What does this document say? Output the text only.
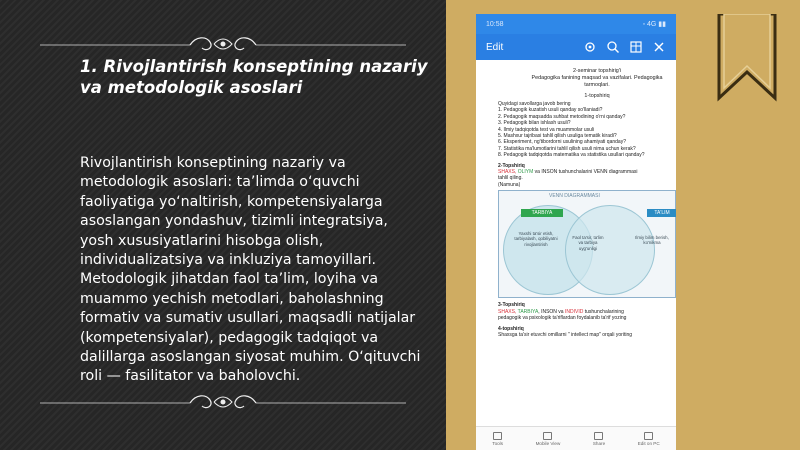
1. Rivojlantirish konseptining nazariy va metodologik asoslari
Rivojlantirish konseptining nazariy va metodologik asoslari: ta’limda o‘quvchi faoliyatiga yo‘naltirish, kompetensiyalarga asoslangan yondashuv, tizimli integratsiya, yosh xususiyatlarini hisobga olish, individualizatsiya va inkluziya tamoyillari. Metodologik jihatdan faol ta’lim, loyiha va muammo yechish metodlari, baholashning formativ va sumativ usullari, maqsadli natijalar (kompetensiyalar), pedagogik tadqiqot va dalillarga asoslangan siyosat muhim. O‘qituvchi roli — fasilitator va baholovchi.
10:58	◦ 4G ▮▮
Edit
2-seminar topshirig'i
Pedagogika fanining maqsad va vazifalari. Pedagogika
tarmoqlari.
1-topshiriq
Quyidagi savollarga javob bering
1. Pedagogik kuzatish usuli qanday so'llaniadi?
2. Pedagogik maqsadda suhbat metodining o'rni qanday?
3. Pedagogik bilan ishlash usuli?
4. Ilmiy tadqiqotda test va muammolar usuli
5. Mashxur tajribasi tahlil qilish usuliga tematik kiradi?
6. Eksperiment, ng'tibordorni usulining ahamiyati qanday?
7. Statistika ma'lumotlarini tahlil qilish usuli nima uchun kerak?
8. Pedagogik tadqiqotda matematika va statistika usullari qanday?
2-Topshiriq
SHAXS, OLIYM va INSON tushunchalarini VENN diagrammasi
tahlil qiling.
(Namuna)
VENN DIAGRAMMASI
TARBIYA	TA'LIM
Yaxshi ta'sir etish, tarbiyalash, qobiliyatni rivojlantirish
Faol ta'sir, ta'lim va tarbiya uyg'unligi
Ilmiy bilim berish, ko'nikma
3-Topshiriq
SHAXS, TARBIYA, INSON va INDIVID tushunchalarining
pedagogik va psixologik ta'riflardan foydalanib ta'rif yozing
4-topshiriq
Shaxsga ta'sir etuvchi omillarni " intellect map" orqali yoriting
Tools	Mobile View	Share	Edit on PC
